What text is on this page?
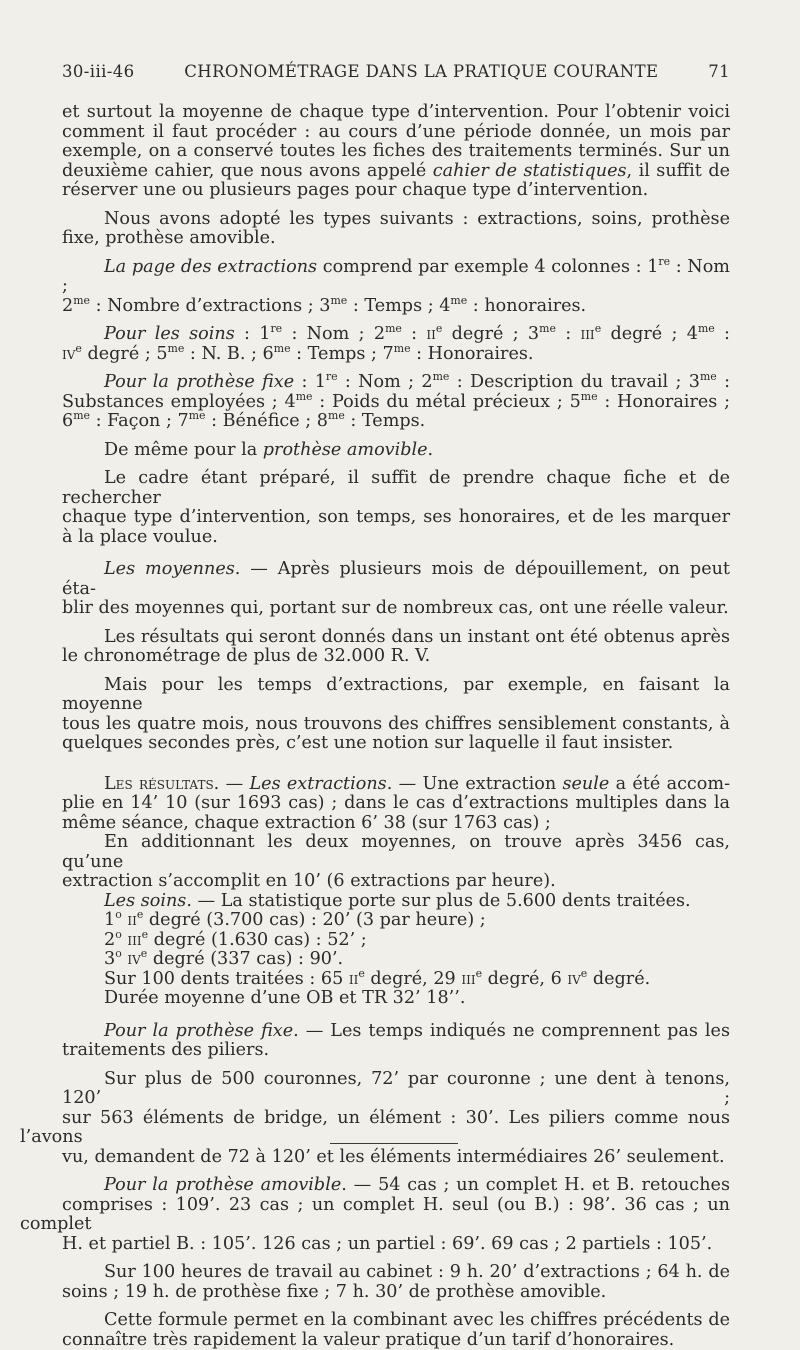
30-iii-46	CHRONOMÉTRAGE DANS LA PRATIQUE COURANTE	71

et surtout la moyenne de chaque type d’intervention. Pour l’obtenir voici
comment il faut procéder : au cours d’une période donnée, un mois par
exemple, on a conservé toutes les fiches des traitements terminés. Sur un
deuxième cahier, que nous avons appelé cahier de statistiques, il suffit de
réserver une ou plusieurs pages pour chaque type d’intervention.

Nous avons adopté les types suivants : extractions, soins, prothèse
fixe, prothèse amovible.

La page des extractions comprend par exemple 4 colonnes : 1re : Nom ;
$2^{me}$ : Nombre d’extractions ; $3^{me}$ : Temps ; $4^{me}$ : honoraires.

Pour les soins : 1re : Nom ; $2^{me}$ : $ii^e$ degré ; $3^{me}$ : iii$^e$ degré ; $4^{me}$ :
$iv^e$ degré ; $5^{me}$ : N. B. ; $6^{me}$ : Temps ; $7^{me}$ : Honoraires.

Pour la prothèse fixe : 1re : Nom ; $2^{me}$ : Description du travail ; $3^{me}$ :
Substances employées ; $4^{me}$ : Poids du métal précieux ; $5^{me}$ : Honoraires ;
$6^{me}$ : Façon ; $7^{me}$ : Bénéfice ; $8^{me}$ : Temps.

De même pour la prothèse amovible.

Le cadre étant préparé, il suffit de prendre chaque fiche et de rechercher
chaque type d’intervention, son temps, ses honoraires, et de les marquer
à la place voulue.

Les moyennes. — Après plusieurs mois de dépouillement, on peut éta-
blir des moyennes qui, portant sur de nombreux cas, ont une réelle valeur.

Les résultats qui seront donnés dans un instant ont été obtenus après
le chronométrage de plus de 32.000 R. V.

Mais pour les temps d’extractions, par exemple, en faisant la moyenne
tous les quatre mois, nous trouvons des chiffres sensiblement constants, à
quelques secondes près, c’est une notion sur laquelle il faut insister.

Les résultats. — Les extractions. — Une extraction seule a été accom-
plie en 14’ 10 (sur 1693 cas) ; dans le cas d’extractions multiples dans la
même séance, chaque extraction 6’ 38 (sur 1763 cas) ;

En additionnant les deux moyennes, on trouve après 3456 cas, qu’une
extraction s’accomplit en 10’ (6 extractions par heure).

Les soins. — La statistique porte sur plus de 5.600 dents traitées.

1$^o$ $ii^e$ degré (3.700 cas) : 20’ (3 par heure) ;

2$^o$ iii$^e$ degré (1.630 cas) : 52’ ;

3$^o$ $iv^e$ degré (337 cas) : 90’.

Sur 100 dents traitées : 65 $ii^e$ degré, 29 iii$^e$ degré, 6 $iv^e$ degré.

Durée moyenne d’une OB et TR 32’ 18’’.

Pour la prothèse fixe. — Les temps indiqués ne comprennent pas les
traitements des piliers.

Sur plus de 500 couronnes, 72’ par couronne ; une dent à tenons, 120’ ;
sur 563 éléments de bridge, un élément : 30’. Les piliers comme nous l’avons
vu, demandent de 72 à 120’ et les éléments intermédiaires 26’ seulement.

Pour la prothèse amovible. — 54 cas ; un complet H. et B. retouches
comprises : 109’. 23 cas ; un complet H. seul (ou B.) : 98’. 36 cas ; un complet
H. et partiel B. : 105’. 126 cas ; un partiel : 69’. 69 cas ; 2 partiels : 105’.

Sur 100 heures de travail au cabinet : 9 h. 20’ d’extractions ; 64 h. de
soins ; 19 h. de prothèse fixe ; 7 h. 30’ de prothèse amovible.

Cette formule permet en la combinant avec les chiffres précédents de
connaître très rapidement la valeur pratique d’un tarif d’honoraires.
